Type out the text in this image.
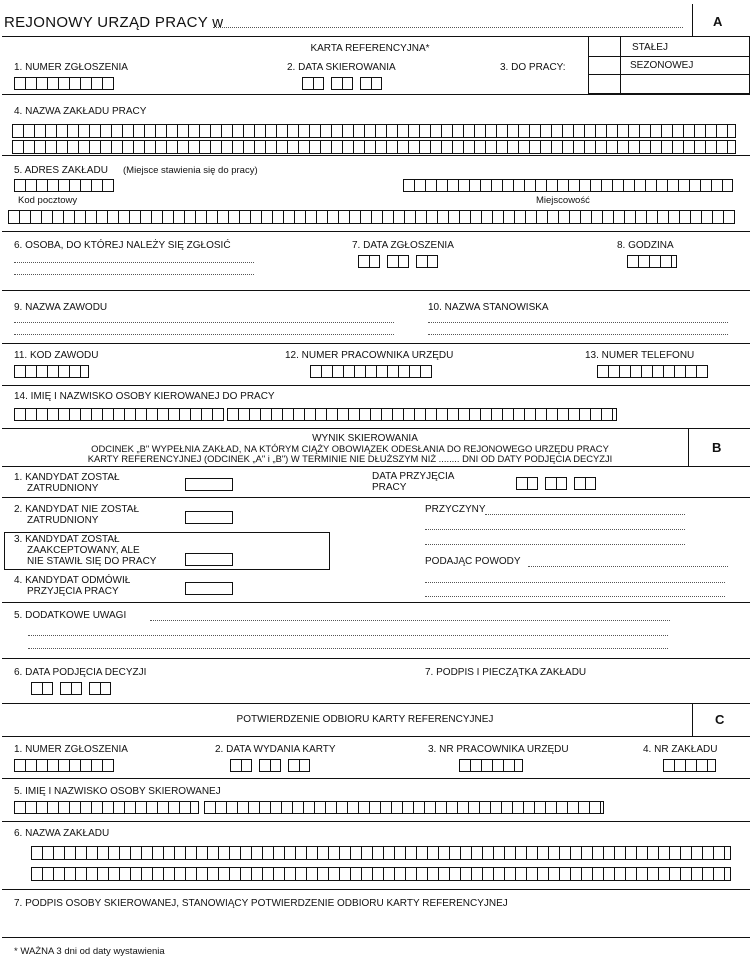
REJONOWY URZĄD PRACY w	A
KARTA REFERENCYJNA*
1. NUMER ZGŁOSZENIA	2. DATA SKIEROWANIA	3. DO PRACY:
STAŁEJ
SEZONOWEJ
4. NAZWA ZAKŁADU PRACY
5. ADRES ZAKŁADU (Miejsce stawienia się do pracy)
Kod pocztowy	Miejscowość
6. OSOBA, DO KTÓREJ NALEŻY SIĘ ZGŁOSIĆ	7. DATA ZGŁOSZENIA	8. GODZINA
9. NAZWA ZAWODU	10. NAZWA STANOWISKA
11. KOD ZAWODU	12. NUMER PRACOWNIKA URZĘDU	13. NUMER TELEFONU
14. IMIĘ I NAZWISKO OSOBY KIEROWANEJ DO PRACY
WYNIK SKIEROWANIA
ODCINEK „B" WYPEŁNIA ZAKŁAD, NA KTÓRYM CIĄŻY OBOWIĄZEK ODESŁANIA DO REJONOWEGO URZĘDU PRACY
KARTY REFERENCYJNEJ (ODCINEK „A" i „B") W TERMINIE NIE DŁUŻSZYM NIŻ ........ DNI OD DATY PODJĘCIA DECYZJI
B
1. KANDYDAT ZOSTAŁ
ZATRUDNIONY
DATA PRZYJĘCIA
PRACY
2. KANDYDAT NIE ZOSTAŁ
ZATRUDNIONY
PRZYCZYNY
3. KANDYDAT ZOSTAŁ
ZAAKCEPTOWANY, ALE
NIE STAWIŁ SIĘ DO PRACY	PODAJĄC POWODY
4. KANDYDAT ODMÓWIŁ
PRZYJĘCIA PRACY
5. DODATKOWE UWAGI
6. DATA PODJĘCIA DECYZJI	7. PODPIS I PIECZĄTKA ZAKŁADU
POTWIERDZENIE ODBIORU KARTY REFERENCYJNEJ	C
1. NUMER ZGŁOSZENIA	2. DATA WYDANIA KARTY	3. NR PRACOWNIKA URZĘDU	4. NR ZAKŁADU
5. IMIĘ I NAZWISKO OSOBY SKIEROWANEJ
6. NAZWA ZAKŁADU
7. PODPIS OSOBY SKIEROWANEJ, STANOWIĄCY POTWIERDZENIE ODBIORU KARTY REFERENCYJNEJ
* WAŻNA 3 dni od daty wystawienia
